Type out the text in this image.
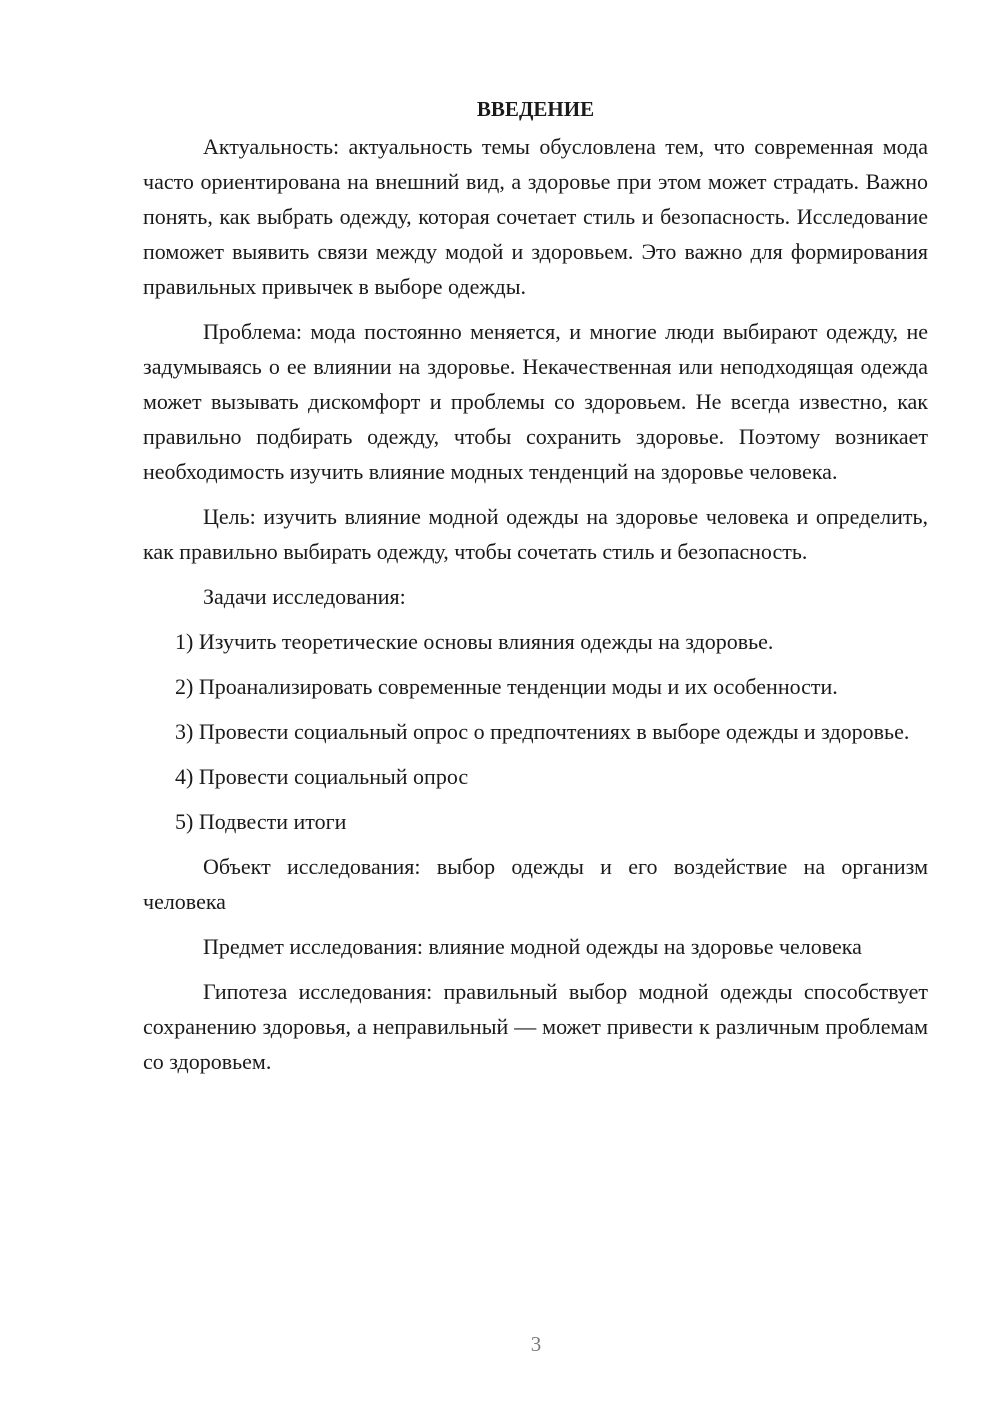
ВВЕДЕНИЕ

Актуальность: актуальность темы обусловлена тем, что современная мода часто ориентирована на внешний вид, а здоровье при этом может страдать. Важно понять, как выбрать одежду, которая сочетает стиль и безопасность. Исследование поможет выявить связи между модой и здоровьем. Это важно для формирования правильных привычек в выборе одежды.

Проблема: мода постоянно меняется, и многие люди выбирают одежду, не задумываясь о ее влиянии на здоровье. Некачественная или неподходящая одежда может вызывать дискомфорт и проблемы со здоровьем. Не всегда известно, как правильно подбирать одежду, чтобы сохранить здоровье. Поэтому возникает необходимость изучить влияние модных тенденций на здоровье человека.

Цель: изучить влияние модной одежды на здоровье человека и определить, как правильно выбирать одежду, чтобы сочетать стиль и безопасность.

Задачи исследования:

1) Изучить теоретические основы влияния одежды на здоровье.

2) Проанализировать современные тенденции моды и их особенности.

3) Провести социальный опрос о предпочтениях в выборе одежды и здоровье.

4) Провести социальный опрос

5) Подвести итоги

Объект исследования: выбор одежды и его воздействие на организм человека

Предмет исследования: влияние модной одежды на здоровье человека

Гипотеза исследования: правильный выбор модной одежды способствует сохранению здоровья, а неправильный — может привести к различным проблемам со здоровьем.

3
